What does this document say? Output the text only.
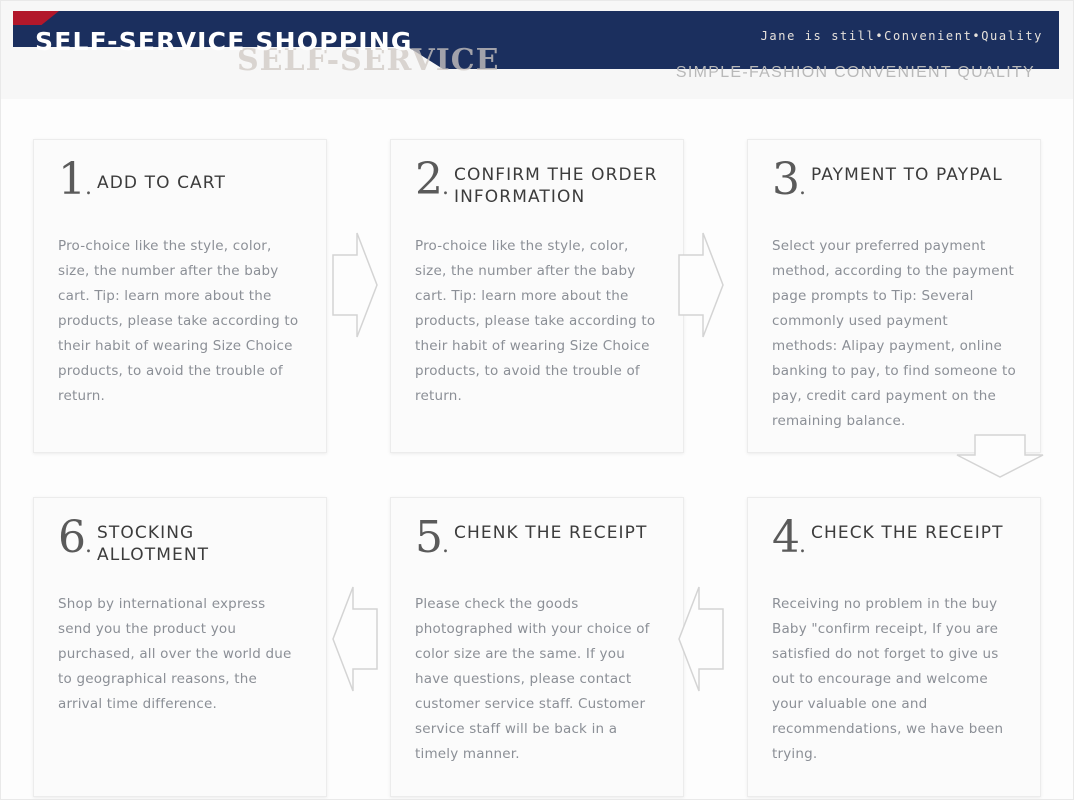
SELF-SERVICE
SELF-SERVICE SHOPPING	Jane is still•Convenient•Quality
SIMPLE-FASHION CONVENIENT QUALITY
1. ADD TO CART
Pro-choice like the style, color, size, the number after the baby cart. Tip: learn more about the products, please take according to their habit of wearing Size Choice products, to avoid the trouble of return.
2. CONFIRM THE ORDER INFORMATION
Pro-choice like the style, color, size, the number after the baby cart. Tip: learn more about the products, please take according to their habit of wearing Size Choice products, to avoid the trouble of return.
3. PAYMENT TO PAYPAL
Select your preferred payment method, according to the payment page prompts to Tip: Several commonly used payment methods: Alipay payment, online banking to pay, to find someone to pay, credit card payment on the remaining balance.
6. STOCKING ALLOTMENT
Shop by international express send you the product you purchased, all over the world due to geographical reasons, the arrival time difference.
5. CHENK THE RECEIPT
Please check the goods photographed with your choice of color size are the same. If you have questions, please contact customer service staff. Customer service staff will be back in a timely manner.
4. CHECK THE RECEIPT
Receiving no problem in the buy Baby "confirm receipt, If you are satisfied do not forget to give us out to encourage and welcome your valuable one and recommendations, we have been trying.
